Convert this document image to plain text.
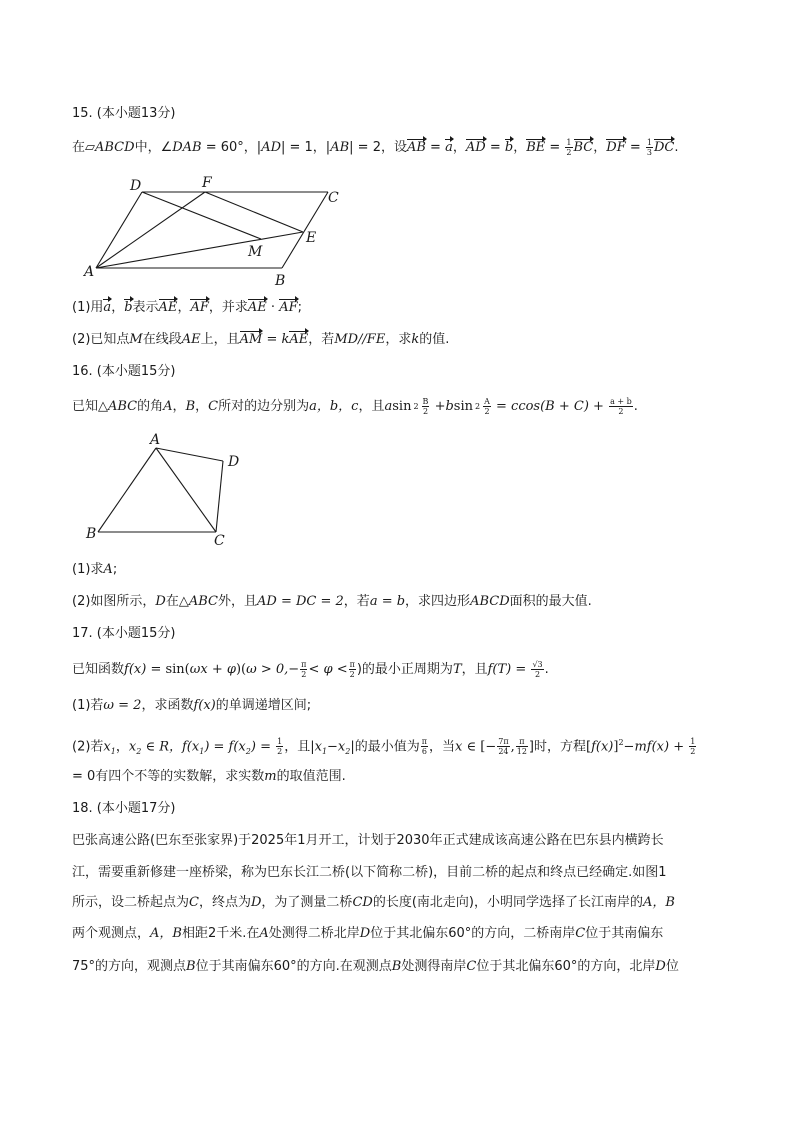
15. (本小题13分)
在▱ABCD中，∠DAB = 60°，|AD| = 1，|AB| = 2，设AB = a，AD = b，BE = $\frac{1}{2}$ BC，DF = $\frac{1}{3}$ DC.
D	F
C
M
E
A
B
(1)用a，b表示AE，AF，并求AE · AF;
(2)已知点M在线段AE上，且AM = kAE，若MD//FE，求k的值.
16. (本小题15分)
已知△ABC的角A，B，C所对的边分别为a，b，c，且asin $2 \frac{B}{2} +bsin$ $2 \frac{A}{2} = ccos(B + C) + \frac{a + b}{2}$ .
A
D
B	C
(1)求A;
(2)如图所示，D在△ABC外，且AD = DC = 2，若a = b，求四边形ABCD面积的最大值.
17. (本小题15分)
已知函数$f(x) = \sin(\omega x + \varphi)(\omega > 0,- \frac{\pi}{2} < \varphi < \frac{\pi}{2}$ )的最小正周期为T，且$f(T) = \frac{√3}{2}$ .
(1)若ω = 2，求函数f(x)的单调递增区间;
(2)若$x_1$，$x_2$ ∈ R，$f(x_1) = f(x_2) = \frac{1}{2}$ ，且$|x_1-x_2|$的最小值为 $\frac{\pi}{6}$ ，当x ∈ [− $\frac{7\pi}{24}$ , $\frac{\pi}{12}$ ]时，方程$[f(x)]^2-mf(x) + \frac{1}{2}$
= 0有四个不等的实数解，求实数m的取值范围.
18. (本小题17分)
巴张高速公路(巴东至张家界)于2025年1月开工，计划于2030年正式建成该高速公路在巴东县内横跨长
江，需要重新修建一座桥梁，称为巴东长江二桥(以下简称二桥)，目前二桥的起点和终点已经确定.如图1
所示，设二桥起点为C，终点为D，为了测量二桥CD的长度(南北走向)，小明同学选择了长江南岸的A，B
两个观测点，A，B相距2千米.在A处测得二桥北岸D位于其北偏东60°的方向，二桥南岸C位于其南偏东
75°的方向，观测点B位于其南偏东60°的方向.在观测点B处测得南岸C位于其北偏东60°的方向，北岸D位
